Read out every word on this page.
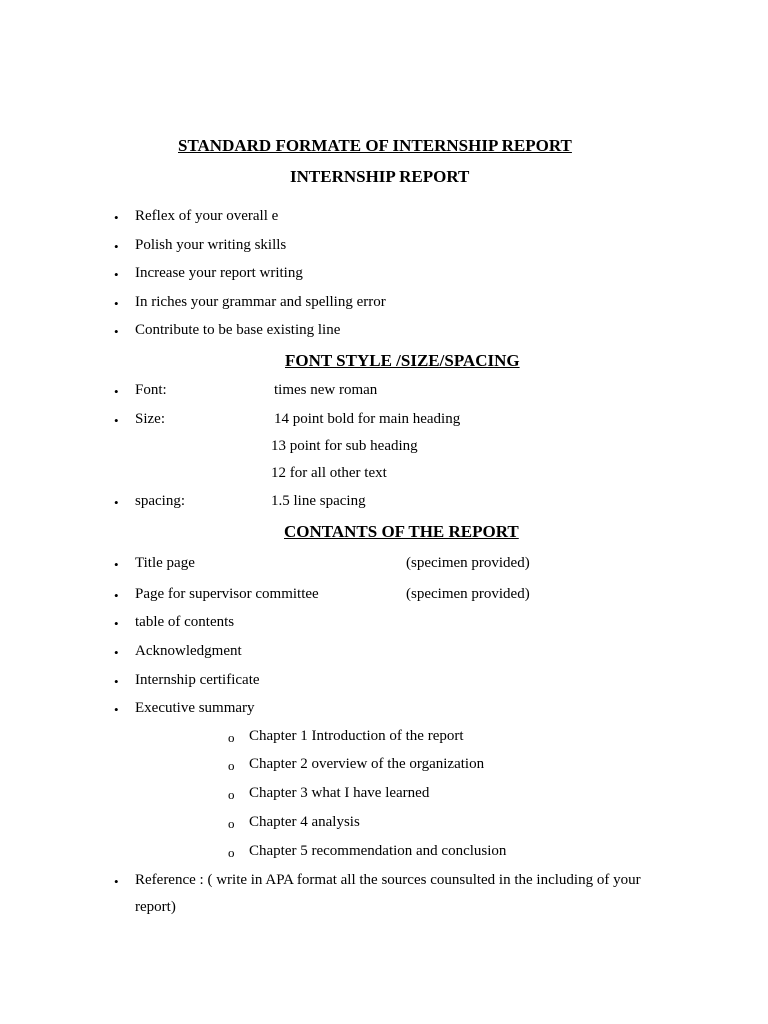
STANDARD FORMATE OF INTERNSHIP REPORT
INTERNSHIP REPORT
• Reflex of your overall e
• Polish your writing skills
• Increase your report writing
• In riches your grammar and spelling error
• Contribute to be base existing line
FONT STYLE /SIZE/SPACING
• Font:	times new roman
• Size:	14 point bold for main heading
13 point for sub heading
12 for all other text
• spacing:	1.5 line spacing
CONTANTS OF THE REPORT
• Title page	(specimen provided)
• Page for supervisor committee	(specimen provided)
• table of contents
• Acknowledgment
• Internship certificate
• Executive summary
o Chapter 1 Introduction of the report
o Chapter 2 overview of the organization
o Chapter 3 what I have learned
o Chapter 4 analysis
o Chapter 5 recommendation and conclusion
• Reference : ( write in APA format all the sources counsulted in the including of your
report)
